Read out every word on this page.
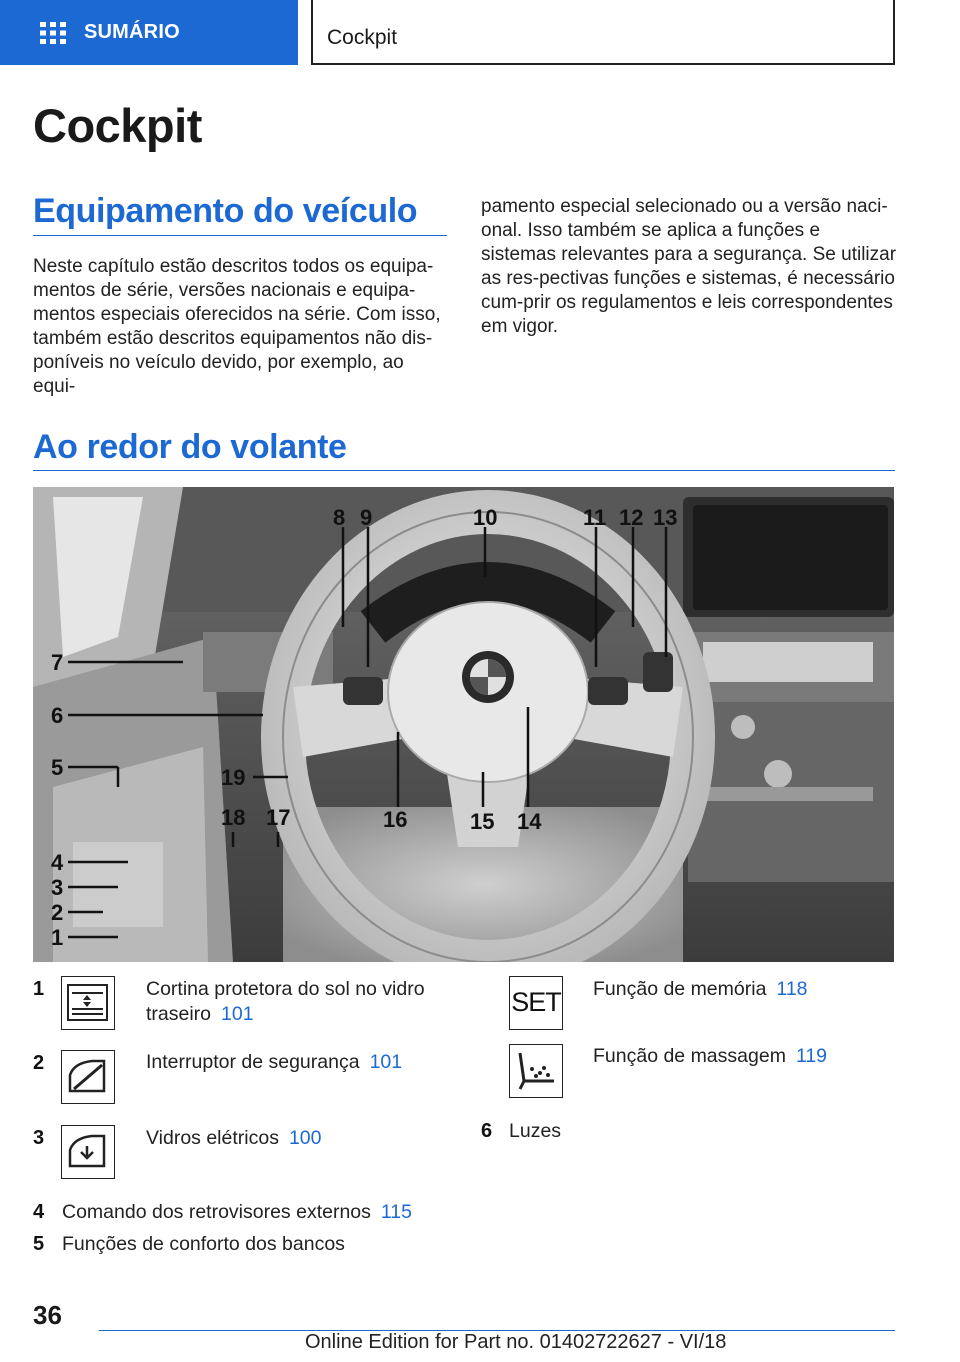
SUMÁRIO	Cockpit
Cockpit
Equipamento do veículo
Neste capítulo estão descritos todos os equipa-mentos de série, versões nacionais e equipa-mentos especiais oferecidos na série. Com isso, também estão descritos equipamentos não dis-poníveis no veículo devido, por exemplo, ao equi-
pamento especial selecionado ou a versão naci-onal. Isso também se aplica a funções e sistemas relevantes para a segurança. Se utilizar as res-pectivas funções e sistemas, é necessário cum-prir os regulamentos e leis correspondentes em vigor.
Ao redor do volante
1
2
3
4
5
6
7
8 9	10	11 12 13
14
15
16
17
18
19
1	Cortina protetora do sol no vidro traseiro 101
2	Interruptor de segurança 101
3	Vidros elétricos 100
4 Comando dos retrovisores externos 115
5 Funções de conforto dos bancos
SET Função de memória 118
Função de massagem 119
6 Luzes
36
Online Edition for Part no. 01402722627 - VI/18
